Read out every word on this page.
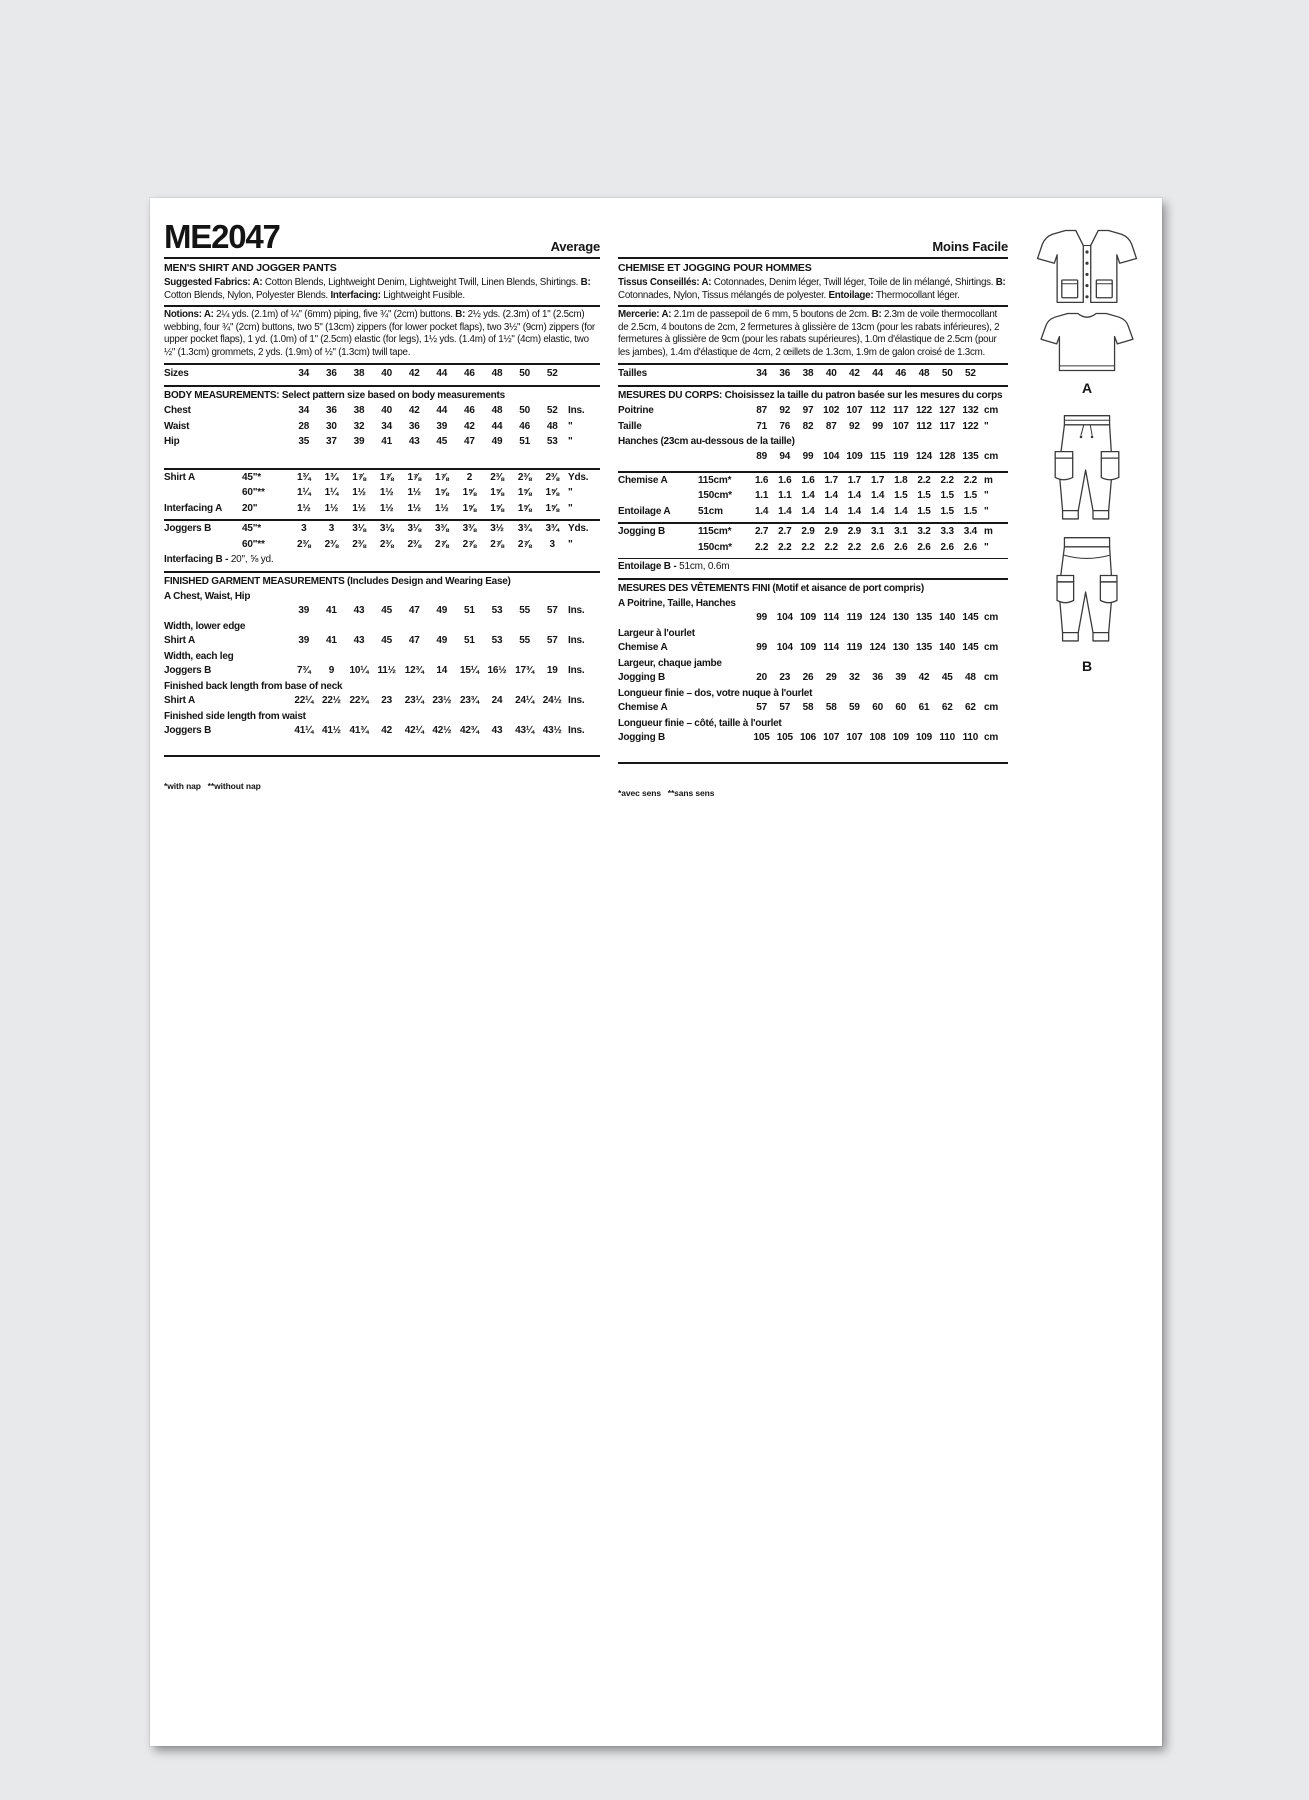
ME2047	Average
MEN'S SHIRT AND JOGGER PANTS
Suggested Fabrics: A: Cotton Blends, Lightweight Denim, Lightweight Twill, Linen Blends, Shirtings. B: Cotton Blends, Nylon, Polyester Blends. Interfacing: Lightweight Fusible.
Notions: A: 2¼ yds. (2.1m) of ¼" (6mm) piping, five ¾" (2cm) buttons. B: 2½ yds. (2.3m) of 1" (2.5cm) webbing, four ¾" (2cm) buttons, two 5" (13cm) zippers (for lower pocket flaps), two 3½" (9cm) zippers (for upper pocket flaps), 1 yd. (1.0m) of 1" (2.5cm) elastic (for legs), 1½ yds. (1.4m) of 1½" (4cm) elastic, two ½" (1.3cm) grommets, 2 yds. (1.9m) of ½" (1.3cm) twill tape.
Sizes	34	36	38	40	42	44	46	48	50	52
BODY MEASUREMENTS: Select pattern size based on body measurements
Chest	34	36	38	40	42	44	46	48	50	52	Ins.
Waist	28	30	32	34	36	39	42	44	46	48	"
Hip	35	37	39	41	43	45	47	49	51	53	"
Shirt A	45"*	1¾	1¾	1⅞	1⅞	1⅞	1⅞	2	2⅜	2⅜	2⅜ Yds.
60"**	1¼	1¼	1½	1½	1½	1⅝	1⅝	1⅝	1⅝	1⅝ "
Interfacing A	20"	1½	1½	1½	1½	1½	1½	1⅝	1⅝	1⅝	1⅝ "
Joggers B	45"*	3	3	3⅛	3⅛	3⅛	3⅜	3⅜	3½	3¾	3¾ Yds.
60"**	2⅜	2⅜	2⅜	2⅜	2⅜	2⅞	2⅞	2⅞	2⅞	3	"
Interfacing B - 20", ⅝ yd.
FINISHED GARMENT MEASUREMENTS (Includes Design and Wearing Ease)
A Chest, Waist, Hip
39	41	43	45	47	49	51	53	55	57	Ins.
Width, lower edge
Shirt A	39	41	43	45	47	49	51	53	55	57	Ins.
Width, each leg
Joggers B	7¾	9	10¼ 11½ 12¾	14	15¼ 16½ 17¾	19	Ins.
Finished back length from base of neck
Shirt A	22¼ 22½ 22¾	23	23¼ 23½ 23¾	24	24¼ 24½ Ins.
Finished side length from waist
Joggers B	41¼ 41½ 41¾	42	42¼ 42½ 42¾	43	43¼ 43½ Ins.
*with nap   **without nap
Moins Facile
CHEMISE ET JOGGING POUR HOMMES
Tissus Conseillés: A: Cotonnades, Denim léger, Twill léger, Toile de lin mélangé, Shirtings. B: Cotonnades, Nylon, Tissus mélangés de polyester. Entoilage: Thermocollant léger.
Mercerie: A: 2.1m de passepoil de 6 mm, 5 boutons de 2cm. B: 2.3m de voile thermocollant de 2.5cm, 4 boutons de 2cm, 2 fermetures à glissière de 13cm (pour les rabats inférieures), 2 fermetures à glissière de 9cm (pour les rabats supérieures), 1.0m d'élastique de 2.5cm (pour les jambes), 1.4m d'élastique de 4cm, 2 œillets de 1.3cm, 1.9m de galon croisé de 1.3cm.
Tailles	34	36	38	40	42	44	46	48	50	52
MESURES DU CORPS: Choisissez la taille du patron basée sur les mesures du corps
Poitrine	87	92	97 102 107 112 117 122 127 132 cm
Taille	71	76	82	87	92	99 107 112 117 122 "
Hanches (23cm au-dessous de la taille)
89	94	99 104 109 115 119 124 128 135 cm
Chemise A	115cm*	1.6 1.6 1.6 1.7 1.7 1.7 1.8 2.2 2.2 2.2 m
150cm*	1.1 1.1 1.4 1.4 1.4 1.4 1.5 1.5 1.5 1.5 "
Entoilage A	51cm	1.4 1.4 1.4 1.4 1.4 1.4 1.4 1.5 1.5 1.5 "
Jogging B	115cm*	2.7 2.7 2.9 2.9 2.9 3.1 3.1 3.2 3.3 3.4 m
150cm*	2.2 2.2 2.2 2.2 2.2 2.6 2.6 2.6 2.6 2.6 "
Entoilage B - 51cm, 0.6m
MESURES DES VÊTEMENTS FINI (Motif et aisance de port compris)
A Poitrine, Taille, Hanches
99 104 109 114 119 124 130 135 140 145 cm
Largeur à l'ourlet
Chemise A	99 104 109 114 119 124 130 135 140 145 cm
Largeur, chaque jambe
Jogging B	20	23	26	29	32	36	39	42	45	48 cm
Longueur finie – dos, votre nuque à l'ourlet
Chemise A	57	57	58	58	59	60	60	61	62	62 cm
Longueur finie – côté, taille à l'ourlet
Jogging B	105 105 106 107 107 108 109 109 110 110 cm
*avec sens   **sans sens
A
B
